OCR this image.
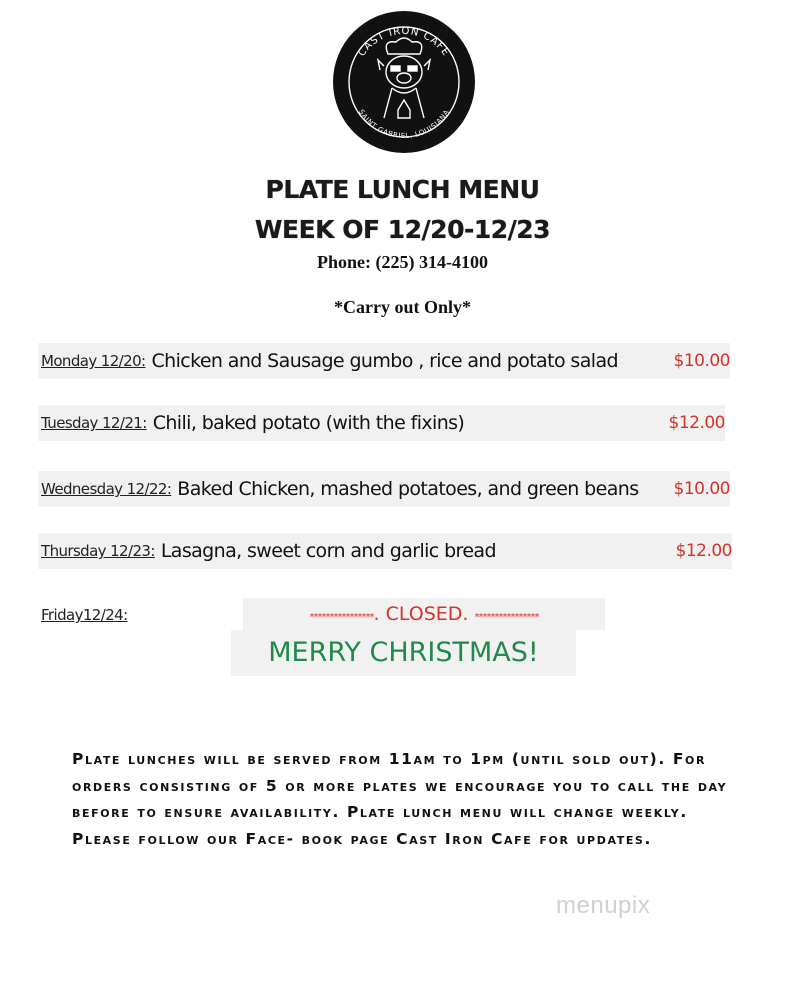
CAST IRON CAFE
SAINT GABRIEL, LOUISIANA
PLATE LUNCH MENU
WEEK OF 12/20-12/23
Phone: (225) 314-4100
*Carry out Only*
Monday 12/20: Chicken and Sausage gumbo , rice and potato salad	$10.00
Tuesday 12/21: Chili, baked potato (with the fixins)	$12.00
Wednesday 12/22: Baked Chicken, mashed potatoes, and green beans $10.00
Thursday 12/23: Lasagna, sweet corn and garlic bread	$12.00
Friday12/24:	****************. CLOSED. ****************
MERRY CHRISTMAS!
Plate lunches will be served from 11am to 1pm (until sold out). For orders consisting of 5 or more plates we encourage you to call the day before to ensure availability. Plate lunch menu will change weekly. Please follow our Face- book page Cast Iron Cafe for updates.
menupix
